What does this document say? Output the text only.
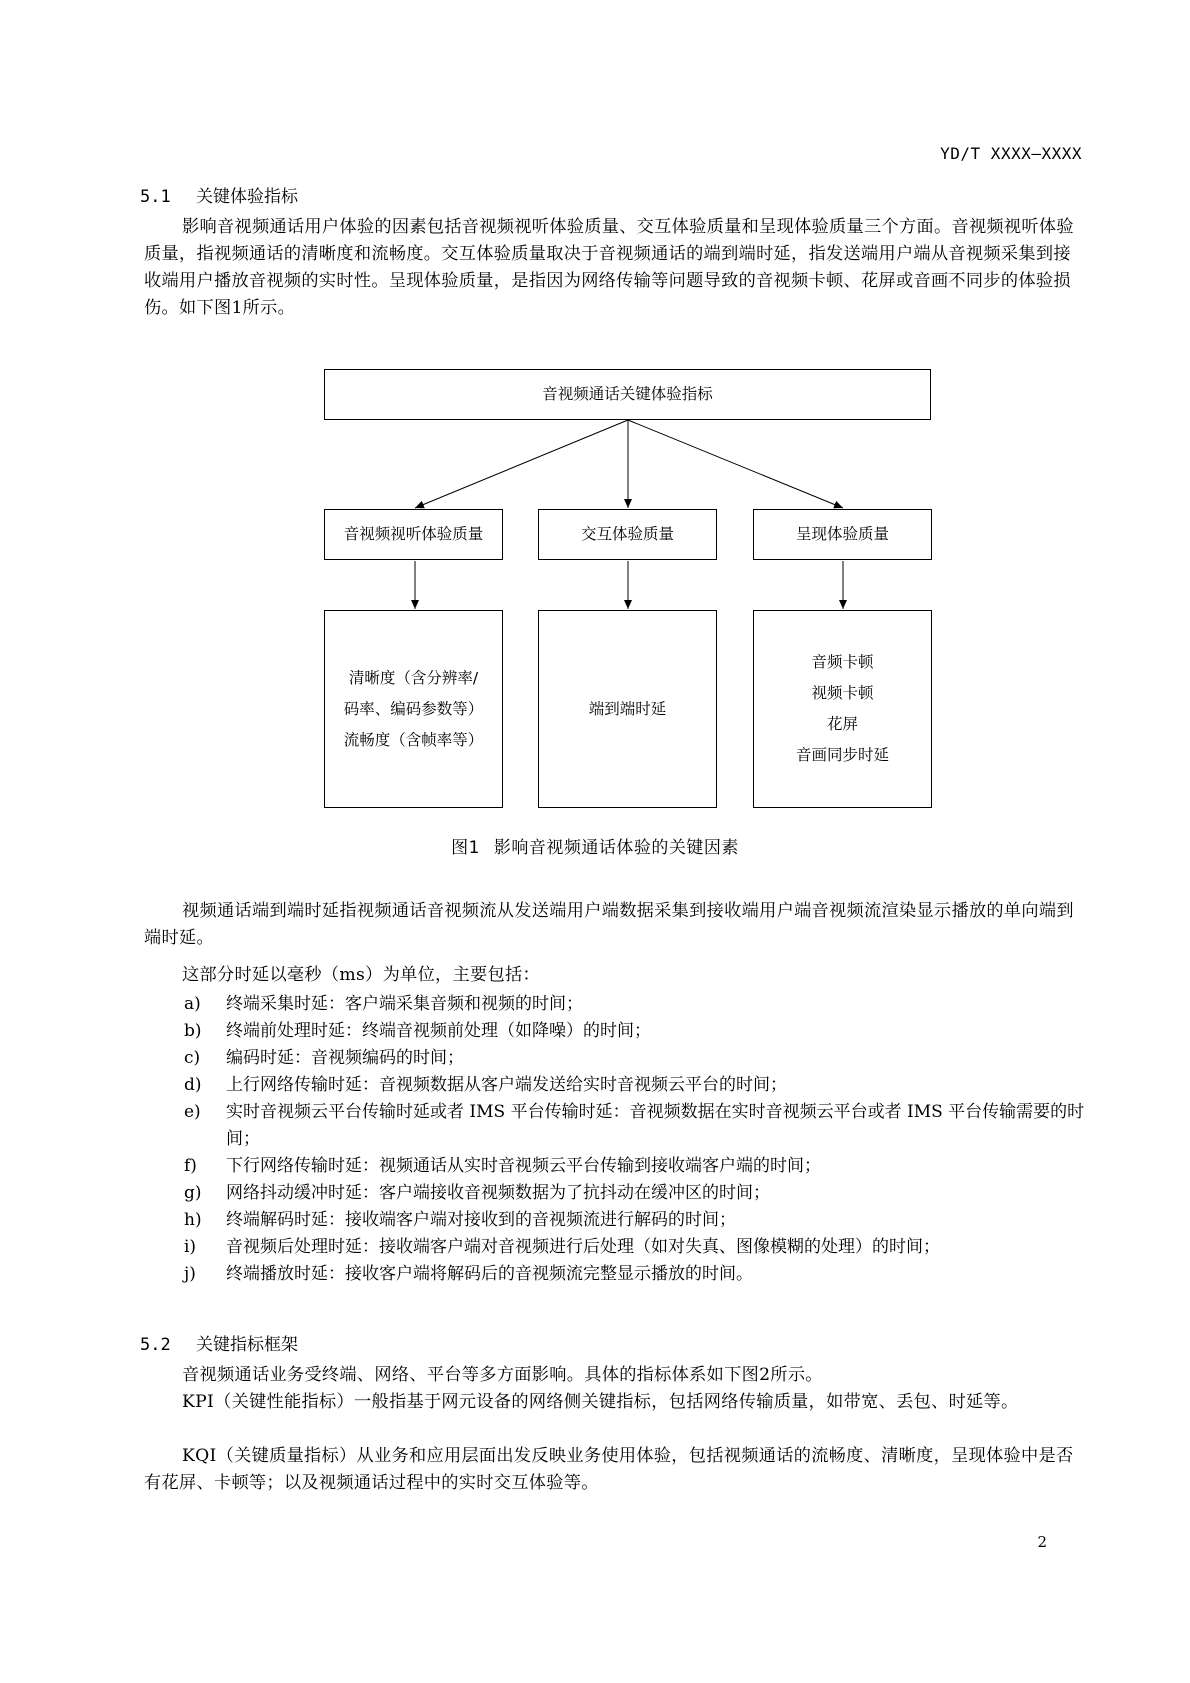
YD/T XXXX—XXXX
5.1 关键体验指标
影响音视频通话用户体验的因素包括音视频视听体验质量、交互体验质量和呈现体验质量三个方面。音视频视听体验质量，指视频通话的清晰度和流畅度。交互体验质量取决于音视频通话的端到端时延，指发送端用户端从音视频采集到接收端用户播放音视频的实时性。呈现体验质量，是指因为网络传输等问题导致的音视频卡顿、花屏或音画不同步的体验损伤。如下图1所示。
音视频通话关键体验指标
音视频视听体验质量	交互体验质量	呈现体验质量
清晰度（含分辨率/
码率、编码参数等）
流畅度（含帧率等）
端到端时延
音频卡顿
视频卡顿
花屏
音画同步时延
图1 影响音视频通话体验的关键因素
视频通话端到端时延指视频通话音视频流从发送端用户端数据采集到接收端用户端音视频流渲染显示播放的单向端到端时延。
这部分时延以毫秒（ms）为单位，主要包括：
a) 终端采集时延：客户端采集音频和视频的时间；
b) 终端前处理时延：终端音视频前处理（如降噪）的时间；
c) 编码时延：音视频编码的时间；
d) 上行网络传输时延：音视频数据从客户端发送给实时音视频云平台的时间；
e) 实时音视频云平台传输时延或者 IMS 平台传输时延：音视频数据在实时音视频云平台或者 IMS 平台传输需要的时间；
f) 下行网络传输时延：视频通话从实时音视频云平台传输到接收端客户端的时间；
g) 网络抖动缓冲时延：客户端接收音视频数据为了抗抖动在缓冲区的时间；
h) 终端解码时延：接收端客户端对接收到的音视频流进行解码的时间；
i) 音视频后处理时延：接收端客户端对音视频进行后处理（如对失真、图像模糊的处理）的时间；
j) 终端播放时延：接收客户端将解码后的音视频流完整显示播放的时间。
5.2 关键指标框架
音视频通话业务受终端、网络、平台等多方面影响。具体的指标体系如下图2所示。
KPI（关键性能指标）一般指基于网元设备的网络侧关键指标，包括网络传输质量，如带宽、丢包、时延等。
KQI（关键质量指标）从业务和应用层面出发反映业务使用体验，包括视频通话的流畅度、清晰度，呈现体验中是否有花屏、卡顿等；以及视频通话过程中的实时交互体验等。
2
